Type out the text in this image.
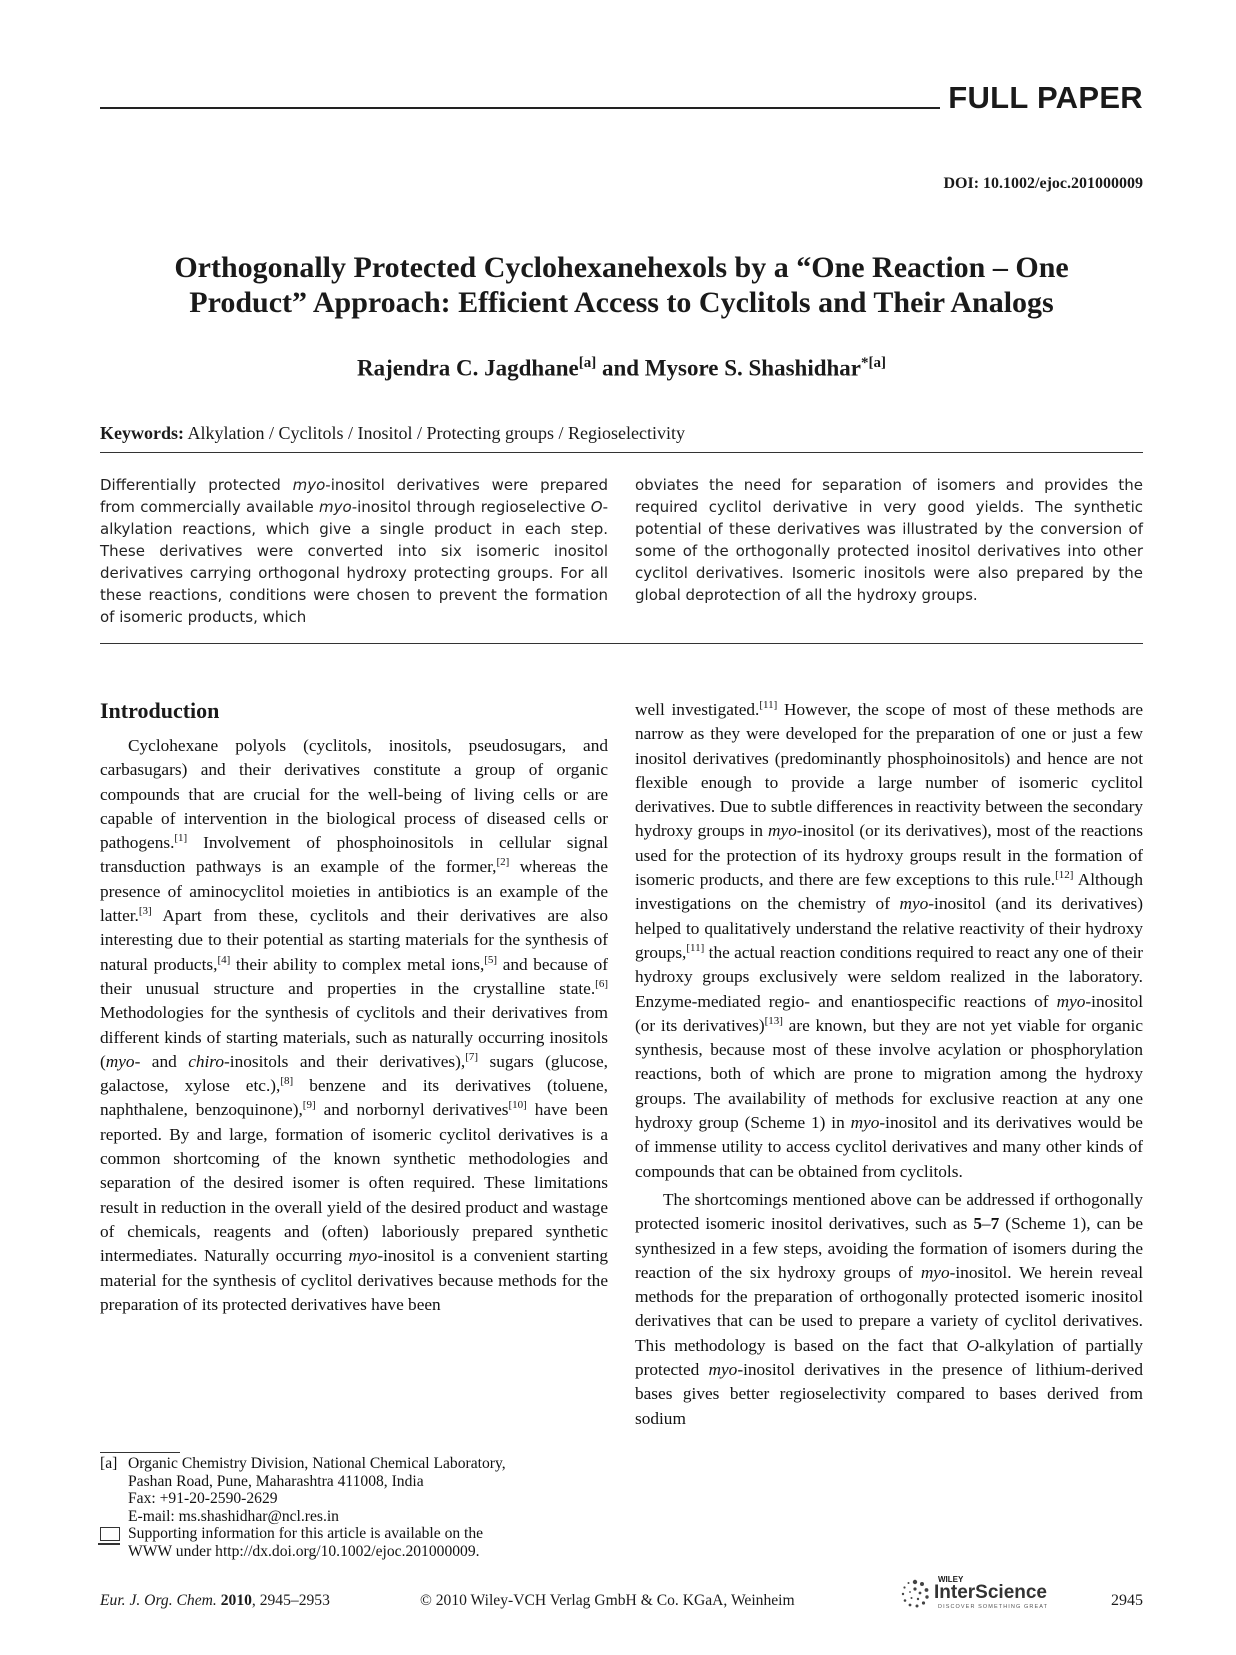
FULL PAPER
DOI: 10.1002/ejoc.201000009
Orthogonally Protected Cyclohexanehexols by a “One Reaction – One
Product” Approach: Efficient Access to Cyclitols and Their Analogs
Rajendra C. Jagdhane[a] and Mysore S. Shashidhar$^{*[a]}$
Keywords: Alkylation / Cyclitols / Inositol / Protecting groups / Regioselectivity
Differentially protected myo-inositol derivatives were prepared from commercially available myo-inositol through regioselective O-alkylation reactions, which give a single product in each step. These derivatives were converted into six isomeric inositol derivatives carrying orthogonal hydroxy protecting groups. For all these reactions, conditions were chosen to prevent the formation of isomeric products, which
obviates the need for separation of isomers and provides the required cyclitol derivative in very good yields. The synthetic potential of these derivatives was illustrated by the conversion of some of the orthogonally protected inositol derivatives into other cyclitol derivatives. Isomeric inositols were also prepared by the global deprotection of all the hydroxy groups.
Introduction

Cyclohexane polyols (cyclitols, inositols, pseudosugars, and carbasugars) and their derivatives constitute a group of organic compounds that are crucial for the well-being of living cells or are capable of intervention in the biological process of diseased cells or pathogens.[1] Involvement of phosphoinositols in cellular signal transduction pathways is an example of the former,[2] whereas the presence of aminocyclitol moieties in antibiotics is an example of the latter.[3] Apart from these, cyclitols and their derivatives are also interesting due to their potential as starting materials for the synthesis of natural products,[4] their ability to complex metal ions,[5] and because of their unusual structure and properties in the crystalline state.[6] Methodologies for the synthesis of cyclitols and their derivatives from different kinds of starting materials, such as naturally occurring inositols (myo- and chiro-inositols and their derivatives),[7] sugars (glucose, galactose, xylose etc.),[8] benzene and its derivatives (toluene, naphthalene, benzoquinone),[9] and norbornyl derivatives[10] have been reported. By and large, formation of isomeric cyclitol derivatives is a common shortcoming of the known synthetic methodologies and separation of the desired isomer is often required. These limitations result in reduction in the overall yield of the desired product and wastage of chemicals, reagents and (often) laboriously prepared synthetic intermediates. Naturally occurring myo-inositol is a convenient starting material for the synthesis of cyclitol derivatives because methods for the preparation of its protected derivatives have been

well investigated.[11] However, the scope of most of these methods are narrow as they were developed for the preparation of one or just a few inositol derivatives (predominantly phosphoinositols) and hence are not flexible enough to provide a large number of isomeric cyclitol derivatives. Due to subtle differences in reactivity between the secondary hydroxy groups in myo-inositol (or its derivatives), most of the reactions used for the protection of its hydroxy groups result in the formation of isomeric products, and there are few exceptions to this rule.[12] Although investigations on the chemistry of myo-inositol (and its derivatives) helped to qualitatively understand the relative reactivity of their hydroxy groups,[11] the actual reaction conditions required to react any one of their hydroxy groups exclusively were seldom realized in the laboratory. Enzyme-mediated regio- and enantiospecific reactions of myo-inositol (or its derivatives)[13] are known, but they are not yet viable for organic synthesis, because most of these involve acylation or phosphorylation reactions, both of which are prone to migration among the hydroxy groups. The availability of methods for exclusive reaction at any one hydroxy group (Scheme 1) in myo-inositol and its derivatives would be of immense utility to access cyclitol derivatives and many other kinds of compounds that can be obtained from cyclitols.

The shortcomings mentioned above can be addressed if orthogonally protected isomeric inositol derivatives, such as 5–7 (Scheme 1), can be synthesized in a few steps, avoiding the formation of isomers during the reaction of the six hydroxy groups of myo-inositol. We herein reveal methods for the preparation of orthogonally protected isomeric inositol derivatives that can be used to prepare a variety of cyclitol derivatives. This methodology is based on the fact that O-alkylation of partially protected myo-inositol derivatives in the presence of lithium-derived bases gives better regioselectivity compared to bases derived from sodium

[a] Organic Chemistry Division, National Chemical Laboratory,
Pashan Road, Pune, Maharashtra 411008, India
Fax: +91-20-2590-2629
E-mail: ms.shashidhar@ncl.res.in
Supporting information for this article is available on the
WWW under http://dx.doi.org/10.1002/ejoc.201000009.
Eur. J. Org. Chem. 2010, 2945–2953	© 2010 Wiley-VCH Verlag GmbH & Co. KGaA, Weinheim
WILEY
InterScience
DISCOVER SOMETHING GREAT	2945
